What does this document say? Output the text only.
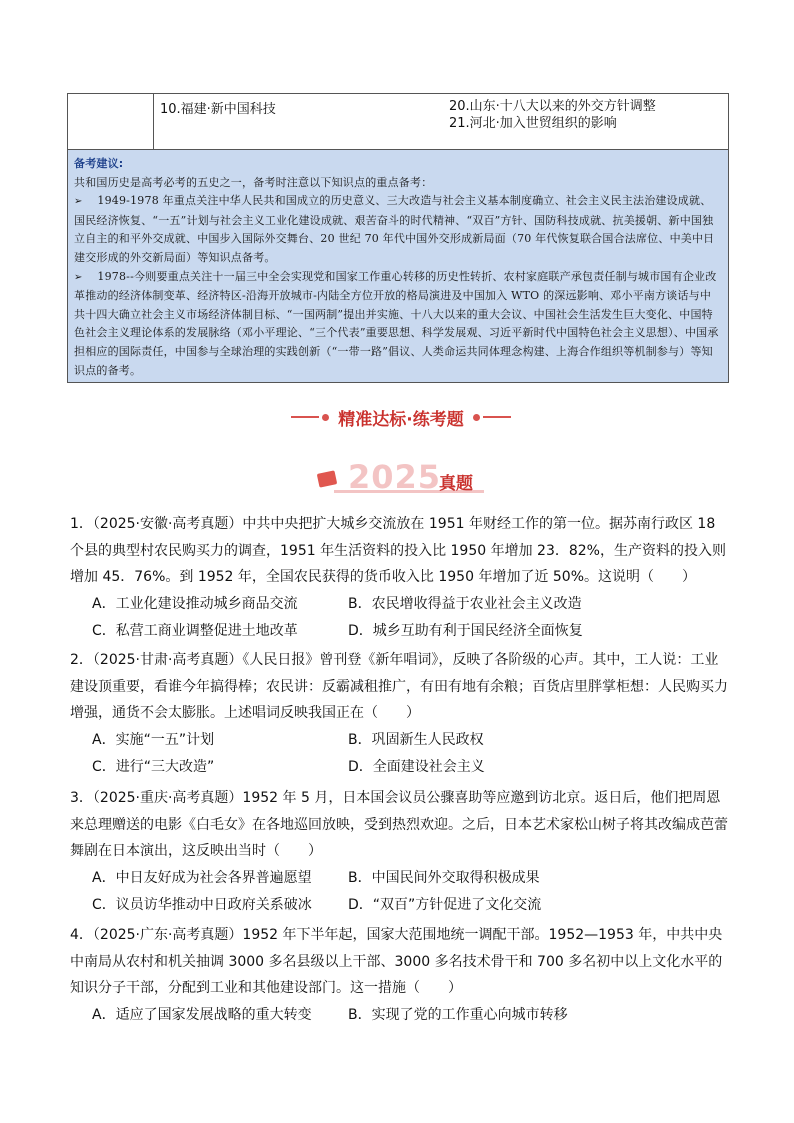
10.福建·新中国科技	20.山东·十八大以来的外交方针调整
21.河北·加入世贸组织的影响
备考建议:
共和国历史是高考必考的五史之一，备考时注意以下知识点的重点备考：
➢ 1949-1978 年重点关注中华人民共和国成立的历史意义、三大改造与社会主义基本制度确立、社会主义民主法治建设成就、国民经济恢复、“一五”计划与社会主义工业化建设成就、艰苦奋斗的时代精神、“双百”方针、国防科技成就、抗美援朝、新中国独立自主的和平外交成就、中国步入国际外交舞台、20 世纪 70 年代中国外交形成新局面（70 年代恢复联合国合法席位、中美中日建交形成的外交新局面）等知识点备考。
➢ 1978--今则要重点关注十一届三中全会实现党和国家工作重心转移的历史性转折、农村家庭联产承包责任制与城市国有企业改革推动的经济体制变革、经济特区-沿海开放城市-内陆全方位开放的格局演进及中国加入 WTO 的深远影响、邓小平南方谈话与中共十四大确立社会主义市场经济体制目标、“一国两制”提出并实施、十八大以来的重大会议、中国社会生活发生巨大变化、中国特色社会主义理论体系的发展脉络（邓小平理论、“三个代表”重要思想、科学发展观、习近平新时代中国特色社会主义思想）、中国承担相应的国际责任，中国参与全球治理的实践创新（“一带一路”倡议、人类命运共同体理念构建、上海合作组织等机制参与）等知识点的备考。
精准达标·练考题
2025
真题

1．（2025·安徽·高考真题）中共中央把扩大城乡交流放在 1951 年财经工作的第一位。据苏南行政区 18 个县的典型村农民购买力的调查，1951 年生活资料的投入比 1950 年增加 23．82%，生产资料的投入则增加 45．76%。到 1952 年，全国农民获得的货币收入比 1950 年增加了近 50%。这说明（　　）

A．工业化建设推动城乡商品交流	B．农民增收得益于农业社会主义改造
C．私营工商业调整促进土地改革	D．城乡互助有利于国民经济全面恢复

2．（2025·甘肃·高考真题）《人民日报》曾刊登《新年唱词》，反映了各阶级的心声。其中，工人说：工业建设顶重要，看谁今年搞得棒；农民讲：反霸减租推广，有田有地有余粮；百货店里胖掌柜想：人民购买力增强，通货不会太膨胀。上述唱词反映我国正在（　　）

A．实施“一五”计划	B．巩固新生人民政权
C．进行“三大改造”	D．全面建设社会主义

3．（2025·重庆·高考真题）1952 年 5 月，日本国会议员公骤喜助等应邀到访北京。返日后，他们把周恩来总理赠送的电影《白毛女》在各地巡回放映，受到热烈欢迎。之后，日本艺术家松山树子将其改编成芭蕾舞剧在日本演出，这反映出当时（　　）

A．中日友好成为社会各界普遍愿望	B．中国民间外交取得积极成果
C．议员访华推动中日政府关系破冰	D．“双百”方针促进了文化交流

4．（2025·广东·高考真题）1952 年下半年起，国家大范围地统一调配干部。1952—1953 年，中共中央中南局从农村和机关抽调 3000 多名县级以上干部、3000 多名技术骨干和 700 多名初中以上文化水平的知识分子干部，分配到工业和其他建设部门。这一措施（　　）

A．适应了国家发展战略的重大转变	B．实现了党的工作重心向城市转移
